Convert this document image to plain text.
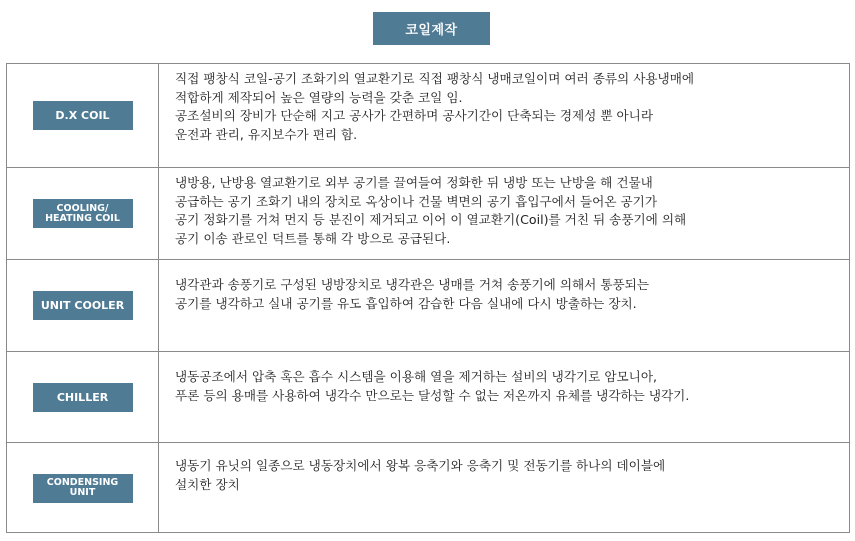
코일제작
D.X COIL
직접 팽창식 코일-공기 조화기의 열교환기로 직접 팽창식 냉매코일이며 여러 종류의 사용냉매에
적합하게 제작되어 높은 열량의 능력을 갖춘 코일 임.
공조설비의 장비가 단순해 지고 공사가 간편하며 공사기간이 단축되는 경제성 뿐 아니라
운전과 관리, 유지보수가 편리 함.
COOLING/
HEATING COIL
냉방용, 난방용 열교환기로 외부 공기를 끌여들여 정화한 뒤 냉방 또는 난방을 해 건물내
공급하는 공기 조화기 내의 장치로 옥상이나 건물 벽면의 공기 흡입구에서 들어온 공기가
공기 정화기를 거쳐 먼지 등 분진이 제거되고 이어 이 열교환기(Coil)를 거친 뒤 송풍기에 의해
공기 이송 관로인 덕트를 통해 각 방으로 공급된다.
UNIT COOLER
냉각관과 송풍기로 구성된 냉방장치로 냉각관은 냉매를 거쳐 송풍기에 의해서 통풍되는
공기를 냉각하고 실내 공기를 유도 흡입하여 감습한 다음 실내에 다시 방출하는 장치.
CHILLER
냉동공조에서 압축 혹은 흡수 시스템을 이용해 열을 제거하는 설비의 냉각기로 암모니아,
푸론 등의 용매를 사용하여 냉각수 만으로는 달성할 수 없는 저온까지 유체를 냉각하는 냉각기.
CONDENSING
UNIT
냉동기 유닛의 일종으로 냉동장치에서 왕복 응축기와 응축기 및 전동기를 하나의 데이블에
설치한 장치
